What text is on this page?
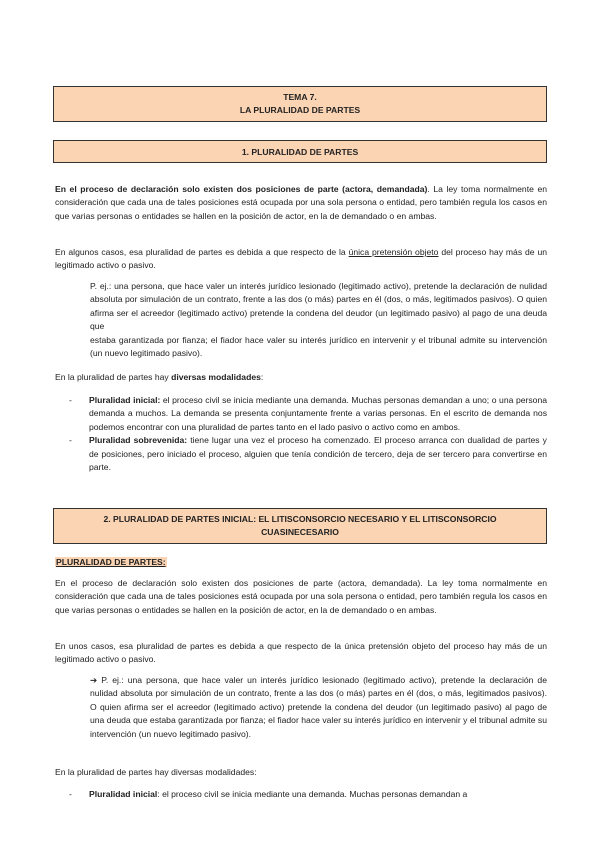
TEMA 7.
LA PLURALIDAD DE PARTES
1. PLURALIDAD DE PARTES

En el proceso de declaración solo existen dos posiciones de parte (actora, demandada). La ley toma normalmente en consideración que cada una de tales posiciones está ocupada por una sola persona o entidad, pero también regula los casos en que varias personas o entidades se hallen en la posición de actor, en la de demandado o en ambas.

En algunos casos, esa pluralidad de partes es debida a que respecto de la única pretensión objeto del proceso hay más de un legitimado activo o pasivo.

P. ej.: una persona, que hace valer un interés jurídico lesionado (legitimado activo), pretende la declaración de nulidad absoluta por simulación de un contrato, frente a las dos (o más) partes en él (dos, o más, legitimados pasivos). O quien afirma ser el acreedor (legitimado activo) pretende la condena del deudor (un legitimado pasivo) al pago de una deuda que

estaba garantizada por fianza; el fiador hace valer su interés jurídico en intervenir y el tribunal admite su intervención (un nuevo legitimado pasivo).

En la pluralidad de partes hay diversas modalidades:

- Pluralidad inicial: el proceso civil se inicia mediante una demanda. Muchas personas demandan a uno; o una persona demanda a muchos. La demanda se presenta conjuntamente frente a varias personas. En el escrito de demanda nos podemos encontrar con una pluralidad de partes tanto en el lado pasivo o activo como en ambos.
- Pluralidad sobrevenida: tiene lugar una vez el proceso ha comenzado. El proceso arranca con dualidad de partes y de posiciones, pero iniciado el proceso, alguien que tenía condición de tercero, deja de ser tercero para convertirse en parte.
2. PLURALIDAD DE PARTES INICIAL: EL LITISCONSORCIO NECESARIO Y EL LITISCONSORCIO
CUASINECESARIO

PLURALIDAD DE PARTES:

En el proceso de declaración solo existen dos posiciones de parte (actora, demandada). La ley toma normalmente en consideración que cada una de tales posiciones está ocupada por una sola persona o entidad, pero también regula los casos en que varias personas o entidades se hallen en la posición de actor, en la de demandado o en ambas.

En unos casos, esa pluralidad de partes es debida a que respecto de la única pretensión objeto del proceso hay más de un legitimado activo o pasivo.

➔ P. ej.: una persona, que hace valer un interés jurídico lesionado (legitimado activo), pretende la declaración de nulidad absoluta por simulación de un contrato, frente a las dos (o más) partes en él (dos, o más, legitimados pasivos). O quien afirma ser el acreedor (legitimado activo) pretende la condena del deudor (un legitimado pasivo) al pago de una deuda que estaba garantizada por fianza; el fiador hace valer su interés jurídico en intervenir y el tribunal admite su intervención (un nuevo legitimado pasivo).

En la pluralidad de partes hay diversas modalidades:

- Pluralidad inicial: el proceso civil se inicia mediante una demanda. Muchas personas demandan a
